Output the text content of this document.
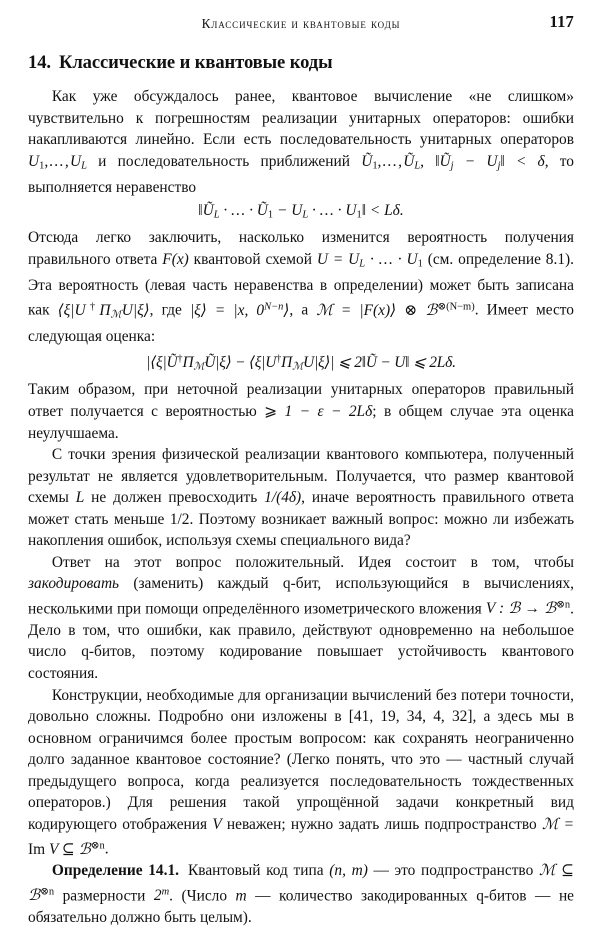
Классические и квантовые коды	117
14. Классические и квантовые коды

Как уже обсуждалось ранее, квантовое вычисление «не слишком» чувствительно к погрешностям реализации унитарных операторов: ошибки накапливаются линейно. Если есть последовательность унитарных операторов U1, . . . , $U_L$ и последовательность приближений Ũ1, . . . , $Ũ_L$, $‖Ũ_j$ − $U_j‖ < \delta$, то выполняется неравенство

$‖Ũ_L$ · . . . · Ũ1 − $U_L$ · . . . · U1‖ < Lδ.

Отсюда легко заключить, насколько изменится вероятность получения правильного ответа F(x) квантовой схемой $U = U_L$ · . . . · U1 (см. определение 8.1). Эта вероятность (левая часть неравенства в определении) может быть записана как $⟨\xi|U^\dagger\Pi_ℳU|\xi⟩$, где |ξ⟩ = |x, $0^{N-n}⟩$, а ℳ = |F(x)⟩ ⊗ ℬ$^{\otimes(N-m)}$. Имеет место следующая оценка:

$|⟨\xi|Ũ^\dagger\Pi_ℳŨ|\xi⟩$ − $⟨\xi|U^\dagger\Pi_ℳU|\xi⟩|$ ⩽ 2‖Ũ − U‖ ⩽ 2Lδ.

Таким образом, при неточной реализации унитарных операторов правильный ответ получается с вероятностью ⩾ 1 − ε − 2Lδ; в общем случае эта оценка неулучшаема.

С точки зрения физической реализации квантового компьютера, полученный результат не является удовлетворительным. Получается, что размер квантовой схемы L не должен превосходить 1/(4δ), иначе вероятность правильного ответа может стать меньше 1/2. Поэтому возникает важный вопрос: можно ли избежать накопления ошибок, используя схемы специального вида?

Ответ на этот вопрос положительный. Идея состоит в том, чтобы закодировать (заменить) каждый q-бит, использующийся в вычислениях, несколькими при помощи определённого изометрического вложения V : ℬ → ℬ$^{\otimes n}$. Дело в том, что ошибки, как правило, действуют одновременно на небольшое число q-битов, поэтому кодирование повышает устойчивость квантового состояния.

Конструкции, необходимые для организации вычислений без потери точности, довольно сложны. Подробно они изложены в [41, 19, 34, 4, 32], а здесь мы в основном ограничимся более простым вопросом: как сохранять неограниченно долго заданное квантовое состояние? (Легко понять, что это — частный случай предыдущего вопроса, когда реализуется последовательность тождественных операторов.) Для решения такой упрощённой задачи конкретный вид кодирующего отображения V неважен; нужно задать лишь подпространство ℳ = Im V ⊆ ℬ$^{\otimes n}$.

Определение 14.1. Квантовый код типа (n, m) — это подпространство ℳ ⊆ ℬ$^{\otimes n}$ размерности 2$^m$. (Число m — количество закодированных q-битов — не обязательно должно быть целым).
